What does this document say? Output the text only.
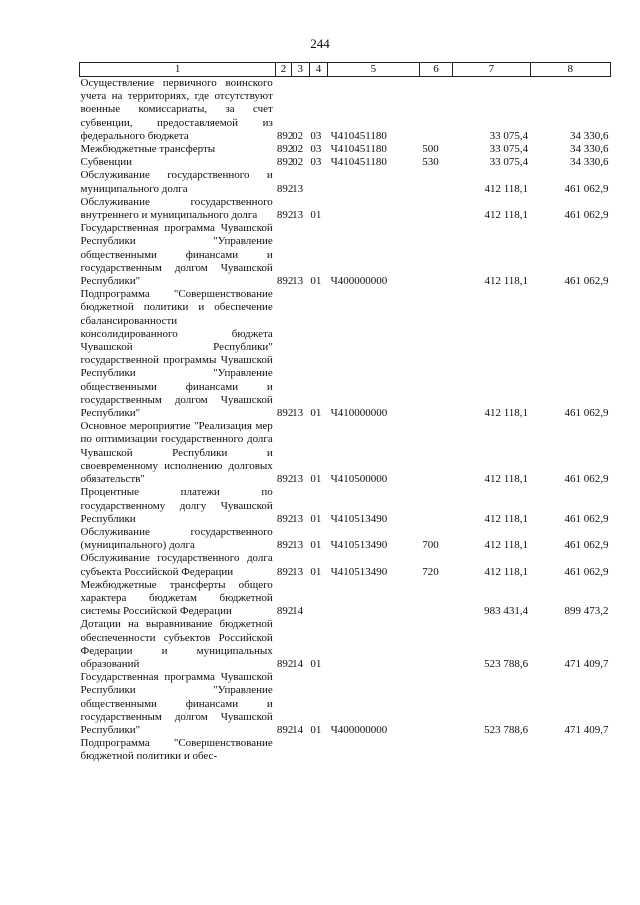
244
1	2	3	4	5	6	7	8
Осуществление первичного воинского учета на территориях, где отсутствуют военные комиссариаты, за счет субвенции, предоставляемой из федерального бюджета	892	02	03	Ч410451180		33 075,4	34 330,6
Межбюджетные трансферты	892	02	03	Ч410451180	500	33 075,4	34 330,6
Субвенции	892	02	03	Ч410451180	530	33 075,4	34 330,6
Обслуживание государственного и муниципального долга	892	13				412 118,1	461 062,9
Обслуживание государственного внутреннего и муниципального долга	892	13	01			412 118,1	461 062,9
Государственная программа Чувашской Республики "Управление общественными финансами и государственным долгом Чувашской Республики"	892	13	01	Ч400000000		412 118,1	461 062,9
Подпрограмма "Совершенствование бюджетной политики и обеспечение сбалансированности консолидированного бюджета Чувашской Республики" государственной программы Чувашской Республики "Управление общественными финансами и государственным долгом Чувашской Республики"	892	13	01	Ч410000000		412 118,1	461 062,9
Основное мероприятие "Реализация мер по оптимизации государственного долга Чувашской Республики и своевременному исполнению долговых обязательств"	892	13	01	Ч410500000		412 118,1	461 062,9
Процентные платежи по государственному долгу Чувашской Республики	892	13	01	Ч410513490		412 118,1	461 062,9
Обслуживание государственного (муниципального) долга	892	13	01	Ч410513490	700	412 118,1	461 062,9
Обслуживание государственного долга субъекта Российской Федерации	892	13	01	Ч410513490	720	412 118,1	461 062,9
Межбюджетные трансферты общего характера бюджетам бюджетной системы Российской Федерации	892	14				983 431,4	899 473,2
Дотации на выравнивание бюджетной обеспеченности субъектов Российской Федерации и муниципальных образований	892	14	01			523 788,6	471 409,7
Государственная программа Чувашской Республики "Управление общественными финансами и государственным долгом Чувашской Республики"	892	14	01	Ч400000000		523 788,6	471 409,7
Подпрограмма "Совершенствование бюджетной политики и обес-							
